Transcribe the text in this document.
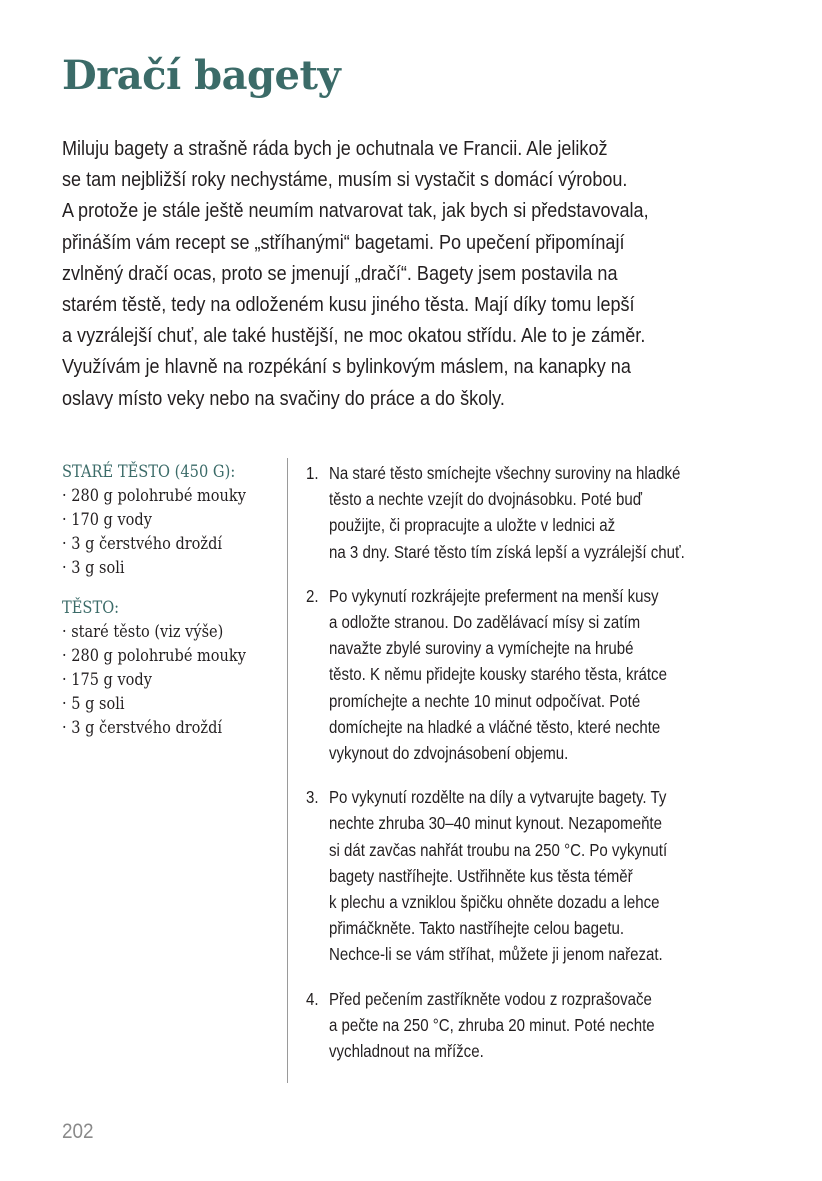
Dračí bagety
Miluju bagety a strašně ráda bych je ochutnala ve Francii. Ale jelikož
se tam nejbližší roky nechystáme, musím si vystačit s domácí výrobou.
A protože je stále ještě neumím natvarovat tak, jak bych si představovala,
přináším vám recept se „stříhanými“ bagetami. Po upečení připomínají
zvlněný dračí ocas, proto se jmenují „dračí“. Bagety jsem postavila na
starém těstě, tedy na odloženém kusu jiného těsta. Mají díky tomu lepší
a vyzrálejší chuť, ale také hustější, ne moc okatou střídu. Ale to je záměr.
Využívám je hlavně na rozpékání s bylinkovým máslem, na kanapky na
oslavy místo veky nebo na svačiny do práce a do školy.
STARÉ TĚSTO (450 G):
· 280 g polohrubé mouky
· 170 g vody
· 3 g čerstvého droždí
· 3 g soli
TĚSTO:
· staré těsto (viz výše)
· 280 g polohrubé mouky
· 175 g vody
· 5 g soli
· 3 g čerstvého droždí
1. Na staré těsto smíchejte všechny suroviny na hladké
těsto a nechte vzejít do dvojnásobku. Poté buď
použijte, či propracujte a uložte v lednici až
na 3 dny. Staré těsto tím získá lepší a vyzrálejší chuť.
2. Po vykynutí rozkrájejte preferment na menší kusy
a odložte stranou. Do zadělávací mísy si zatím
navažte zbylé suroviny a vymíchejte na hrubé
těsto. K němu přidejte kousky starého těsta, krátce
promíchejte a nechte 10 minut odpočívat. Poté
domíchejte na hladké a vláčné těsto, které nechte
vykynout do zdvojnásobení objemu.
3. Po vykynutí rozdělte na díly a vytvarujte bagety. Ty
nechte zhruba 30–40 minut kynout. Nezapomeňte
si dát zavčas nahřát troubu na 250 °C. Po vykynutí
bagety nastříhejte. Ustřihněte kus těsta téměř
k plechu a vzniklou špičku ohněte dozadu a lehce
přimáčkněte. Takto nastříhejte celou bagetu.
Nechce-li se vám stříhat, můžete ji jenom nařezat.
4. Před pečením zastříkněte vodou z rozprašovače
a pečte na 250 °C, zhruba 20 minut. Poté nechte
vychladnout na mřížce.
202
